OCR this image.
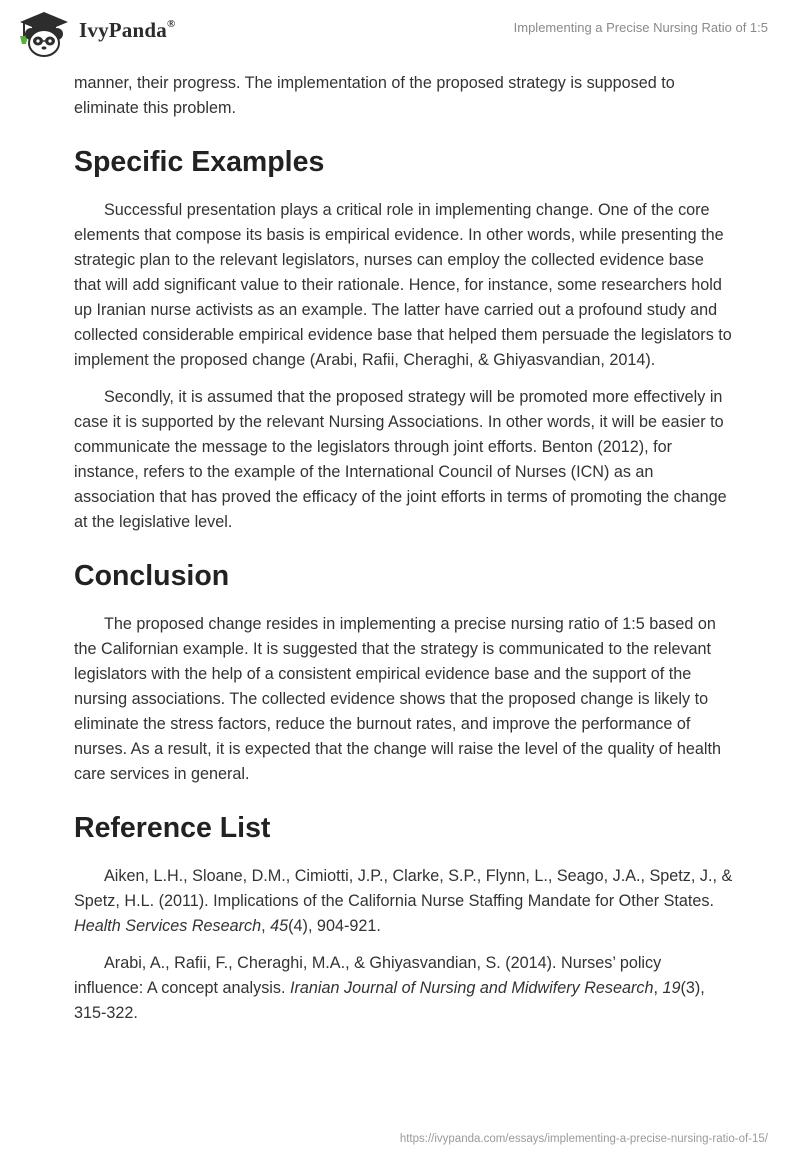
IvyPanda®	Implementing a Precise Nursing Ratio of 1:5

manner, their progress. The implementation of the proposed strategy is supposed to eliminate this problem.

Specific Examples

Successful presentation plays a critical role in implementing change. One of the core elements that compose its basis is empirical evidence. In other words, while presenting the strategic plan to the relevant legislators, nurses can employ the collected evidence base that will add significant value to their rationale. Hence, for instance, some researchers hold up Iranian nurse activists as an example. The latter have carried out a profound study and collected considerable empirical evidence base that helped them persuade the legislators to implement the proposed change (Arabi, Rafii, Cheraghi, & Ghiyasvandian, 2014).

Secondly, it is assumed that the proposed strategy will be promoted more effectively in case it is supported by the relevant Nursing Associations. In other words, it will be easier to communicate the message to the legislators through joint efforts. Benton (2012), for instance, refers to the example of the International Council of Nurses (ICN) as an association that has proved the efficacy of the joint efforts in terms of promoting the change at the legislative level.

Conclusion

The proposed change resides in implementing a precise nursing ratio of 1:5 based on the Californian example. It is suggested that the strategy is communicated to the relevant legislators with the help of a consistent empirical evidence base and the support of the nursing associations. The collected evidence shows that the proposed change is likely to eliminate the stress factors, reduce the burnout rates, and improve the performance of nurses. As a result, it is expected that the change will raise the level of the quality of health care services in general.

Reference List

Aiken, L.H., Sloane, D.M., Cimiotti, J.P., Clarke, S.P., Flynn, L., Seago, J.A., Spetz, J., & Spetz, H.L. (2011). Implications of the California Nurse Staffing Mandate for Other States. Health Services Research, 45(4), 904-921.

Arabi, A., Rafii, F., Cheraghi, M.A., & Ghiyasvandian, S. (2014). Nurses’ policy influence: A concept analysis. Iranian Journal of Nursing and Midwifery Research, 19(3), 315-322.

https://ivypanda.com/essays/implementing-a-precise-nursing-ratio-of-15/
